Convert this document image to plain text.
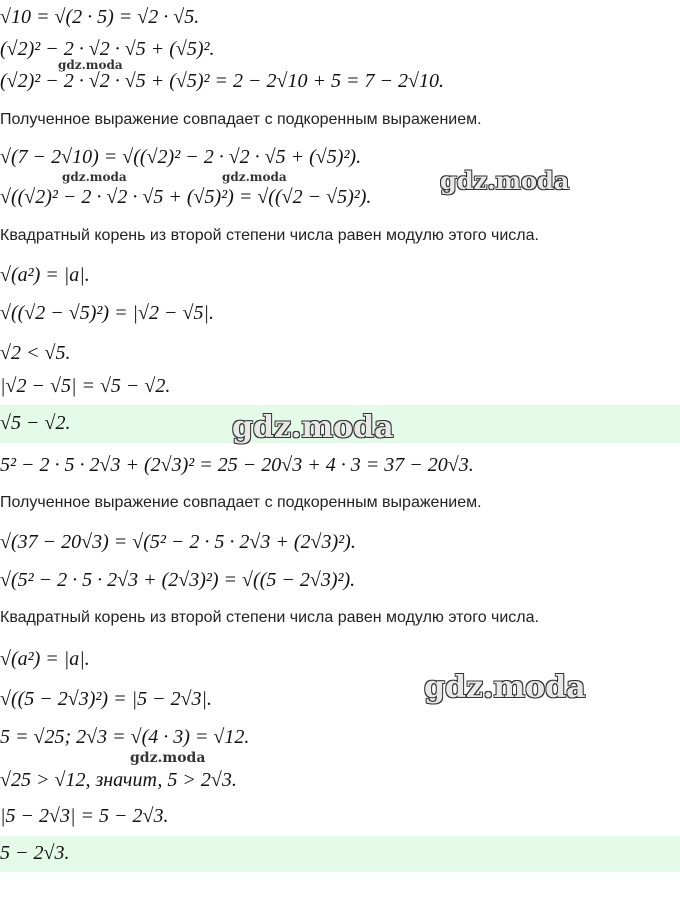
√10 = √(2 · 5) = √2 · √5.
(√2)² − 2 · √2 · √5 + (√5)².
(√2)² − 2 · √2 · √5 + (√5)² = 2 − 2√10 + 5 = 7 − 2√10.
Полученное выражение совпадает с подкоренным выражением.
√(7 − 2√10) = √((√2)² − 2 · √2 · √5 + (√5)²).
√((√2)² − 2 · √2 · √5 + (√5)²) = √((√2 − √5)²).
Квадратный корень из второй степени числа равен модулю этого числа.
√(a²) = |a|.
√((√2 − √5)²) = |√2 − √5|.
√2 < √5.
|√2 − √5| = √5 − √2.
√5 − √2.
5² − 2 · 5 · 2√3 + (2√3)² = 25 − 20√3 + 4 · 3 = 37 − 20√3.
Полученное выражение совпадает с подкоренным выражением.
√(37 − 20√3) = √(5² − 2 · 5 · 2√3 + (2√3)²).
√(5² − 2 · 5 · 2√3 + (2√3)²) = √((5 − 2√3)²).
Квадратный корень из второй степени числа равен модулю этого числа.
√(a²) = |a|.
√((5 − 2√3)²) = |5 − 2√3|.
5 = √25; 2√3 = √(4 · 3) = √12.
√25 > √12, значит, 5 > 2√3.
|5 − 2√3| = 5 − 2√3.
5 − 2√3.
gdz.moda
gdz.moda	gdz.moda	gdz.moda
gdz.moda
gdz.moda
gdz.moda
